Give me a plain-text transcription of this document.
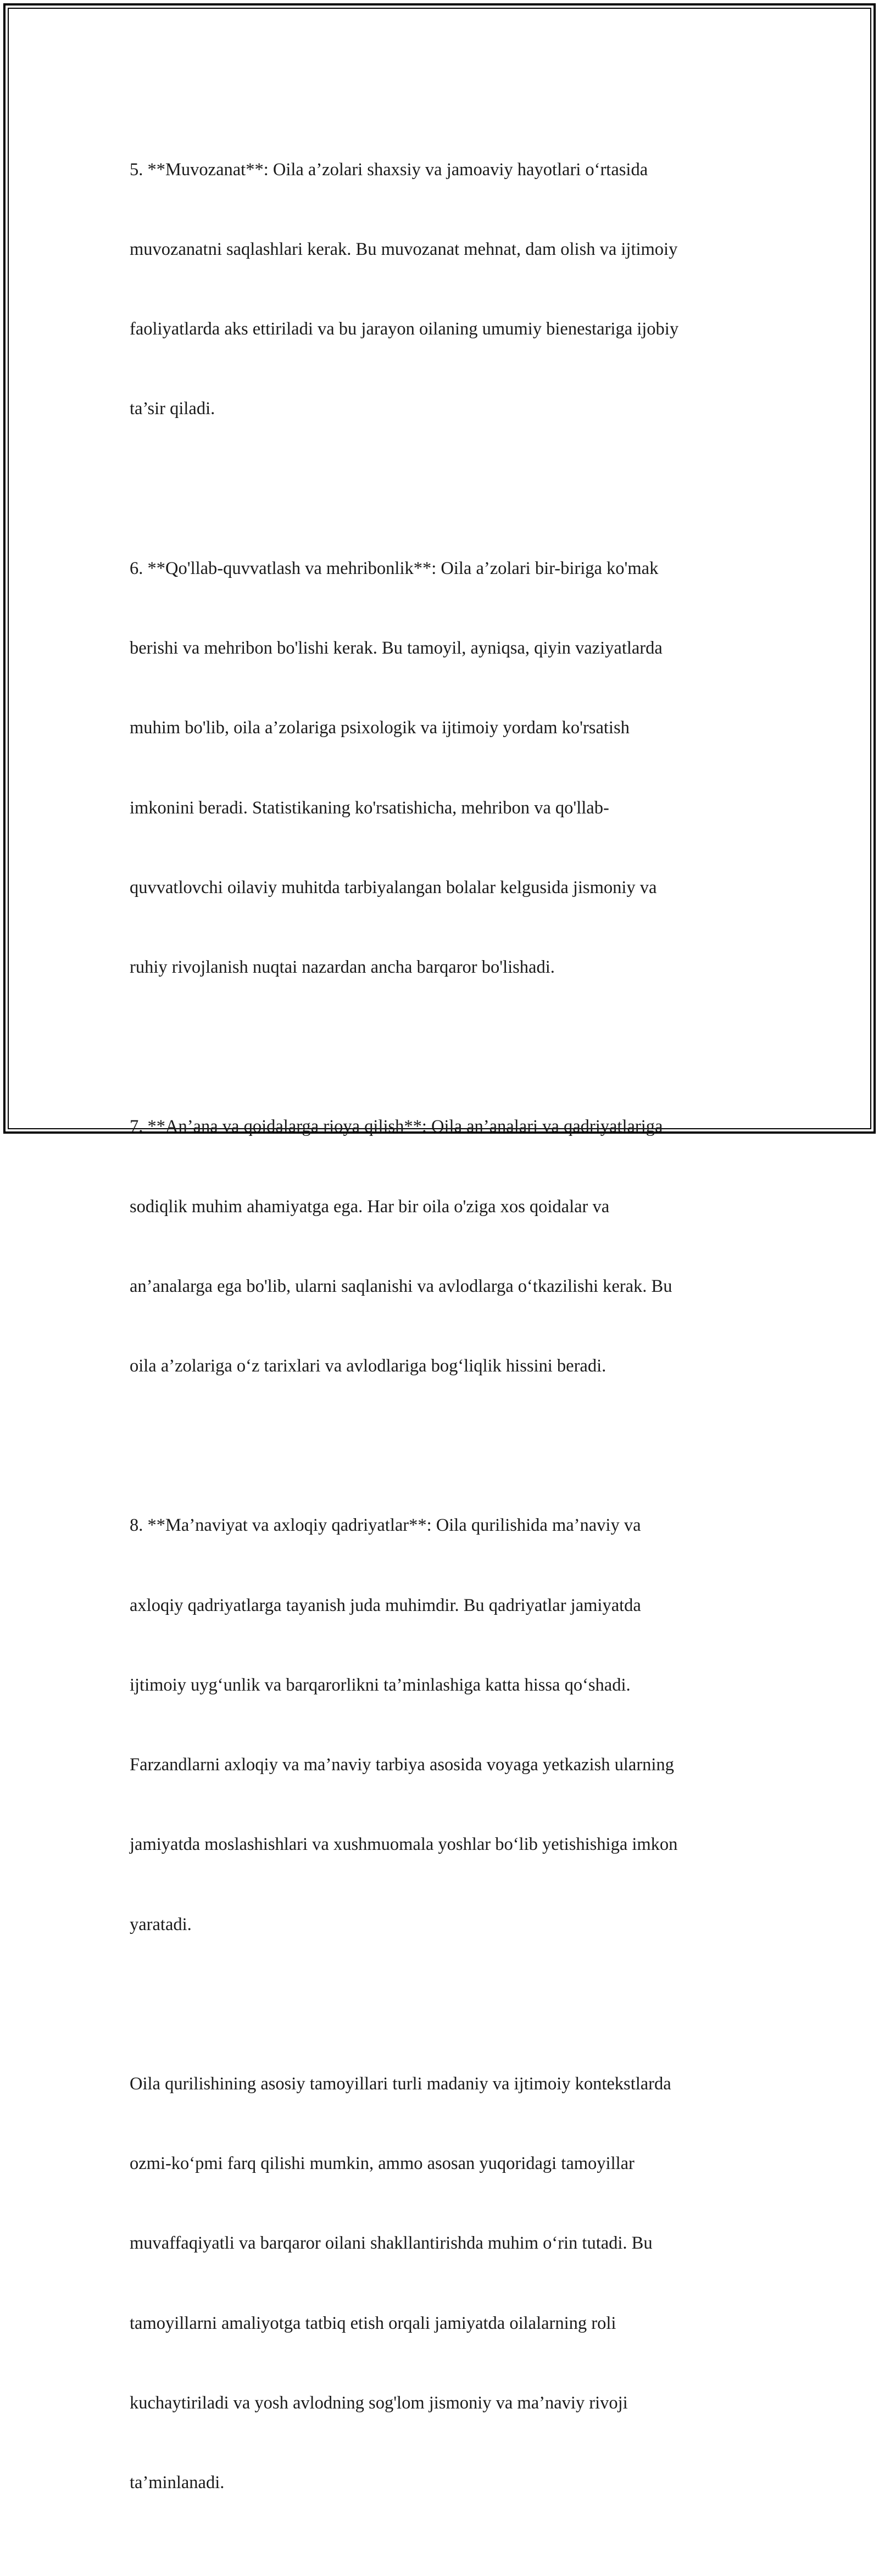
5. **Muvozanat**: Oila a’zolari shaxsiy va jamoaviy hayotlari o‘rtasida

muvozanatni saqlashlari kerak. Bu muvozanat mehnat, dam olish va ijtimoiy

faoliyatlarda aks ettiriladi va bu jarayon oilaning umumiy bienestariga ijobiy

ta’sir qiladi.

6. **Qo'llab-quvvatlash va mehribonlik**: Oila a’zolari bir-biriga ko'mak

berishi va mehribon bo'lishi kerak. Bu tamoyil, ayniqsa, qiyin vaziyatlarda

muhim bo'lib, oila a’zolariga psixologik va ijtimoiy yordam ko'rsatish

imkonini beradi. Statistikaning ko'rsatishicha, mehribon va qo'llab-

quvvatlovchi oilaviy muhitda tarbiyalangan bolalar kelgusida jismoniy va

ruhiy rivojlanish nuqtai nazardan ancha barqaror bo'lishadi.

7. **An’ana va qoidalarga rioya qilish**: Oila an’analari va qadriyatlariga

sodiqlik muhim ahamiyatga ega. Har bir oila o'ziga xos qoidalar va

an’analarga ega bo'lib, ularni saqlanishi va avlodlarga o‘tkazilishi kerak. Bu

oila a’zolariga o‘z tarixlari va avlodlariga bog‘liqlik hissini beradi.

8. **Ma’naviyat va axloqiy qadriyatlar**: Oila qurilishida ma’naviy va

axloqiy qadriyatlarga tayanish juda muhimdir. Bu qadriyatlar jamiyatda

ijtimoiy uyg‘unlik va barqarorlikni ta’minlashiga katta hissa qo‘shadi.

Farzandlarni axloqiy va ma’naviy tarbiya asosida voyaga yetkazish ularning

jamiyatda moslashishlari va xushmuomala yoshlar bo‘lib yetishishiga imkon

yaratadi.

Oila qurilishining asosiy tamoyillari turli madaniy va ijtimoiy kontekstlarda

ozmi-ko‘pmi farq qilishi mumkin, ammo asosan yuqoridagi tamoyillar

muvaffaqiyatli va barqaror oilani shakllantirishda muhim o‘rin tutadi. Bu

tamoyillarni amaliyotga tatbiq etish orqali jamiyatda oilalarning roli

kuchaytiriladi va yosh avlodning sog'lom jismoniy va ma’naviy rivoji

ta’minlanadi.
